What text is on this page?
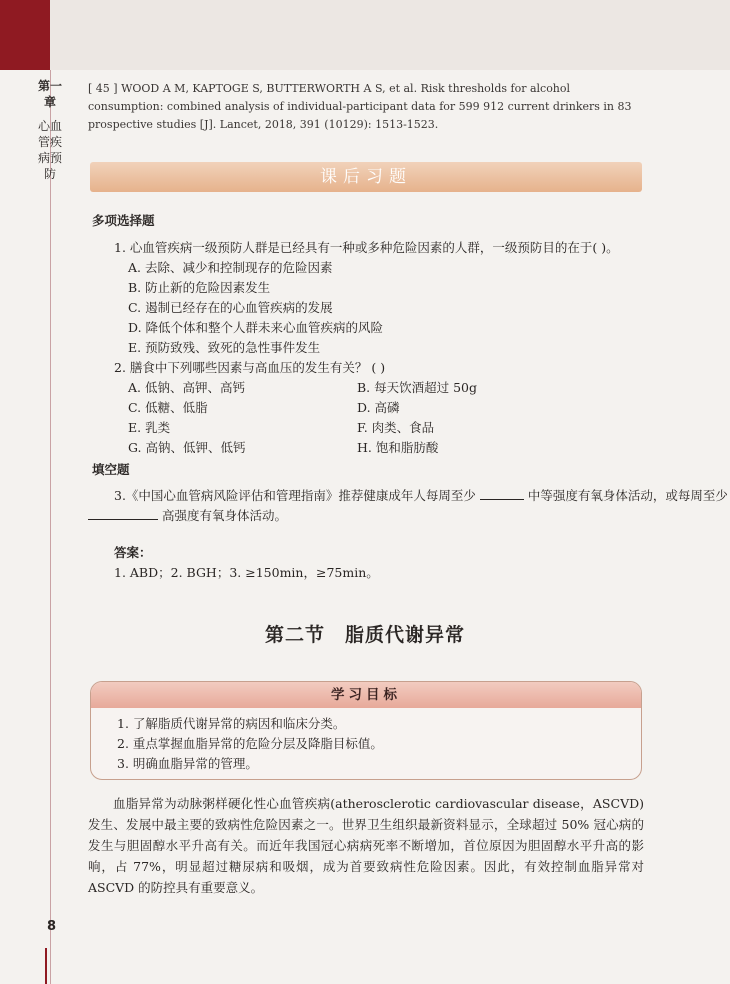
第一章
心血管疾病预防
[ 45 ] WOOD A M, KAPTOGE S, BUTTERWORTH A S, et al. Risk thresholds for alcohol consumption: combined analysis of individual-participant data for 599 912 current drinkers in 83 prospective studies [J]. Lancet, 2018, 391 (10129): 1513-1523.
课后习题
多项选择题
1. 心血管疾病一级预防人群是已经具有一种或多种危险因素的人群，一级预防目的在于( )。
A. 去除、减少和控制现存的危险因素
B. 防止新的危险因素发生
C. 遏制已经存在的心血管疾病的发展
D. 降低个体和整个人群未来心血管疾病的风险
E. 预防致残、致死的急性事件发生
2. 膳食中下列哪些因素与高血压的发生有关？ ( )
A. 低钠、高钾、高钙	B. 每天饮酒超过 50g
C. 低糖、低脂	D. 高磷
E. 乳类	F. 肉类、食品
G. 高钠、低钾、低钙	H. 饱和脂肪酸
填空题
3.《中国心血管病风险评估和管理指南》推荐健康成年人每周至少	中等强度有氧身体活动，或每周至少
高强度有氧身体活动。
答案：
1. ABD；2. BGH；3. ≥150min，≥75min。
第二节　脂质代谢异常
学习目标
1. 了解脂质代谢异常的病因和临床分类。
2. 重点掌握血脂异常的危险分层及降脂目标值。
3. 明确血脂异常的管理。
血脂异常为动脉粥样硬化性心血管疾病(atherosclerotic cardiovascular disease，ASCVD)发生、发展中最主要的致病性危险因素之一。世界卫生组织最新资料显示，全球超过 50% 冠心病的发生与胆固醇水平升高有关。而近年我国冠心病病死率不断增加，首位原因为胆固醇水平升高的影响，占 77%，明显超过糖尿病和吸烟，成为首要致病性危险因素。因此，有效控制血脂异常对 ASCVD 的防控具有重要意义。
8
